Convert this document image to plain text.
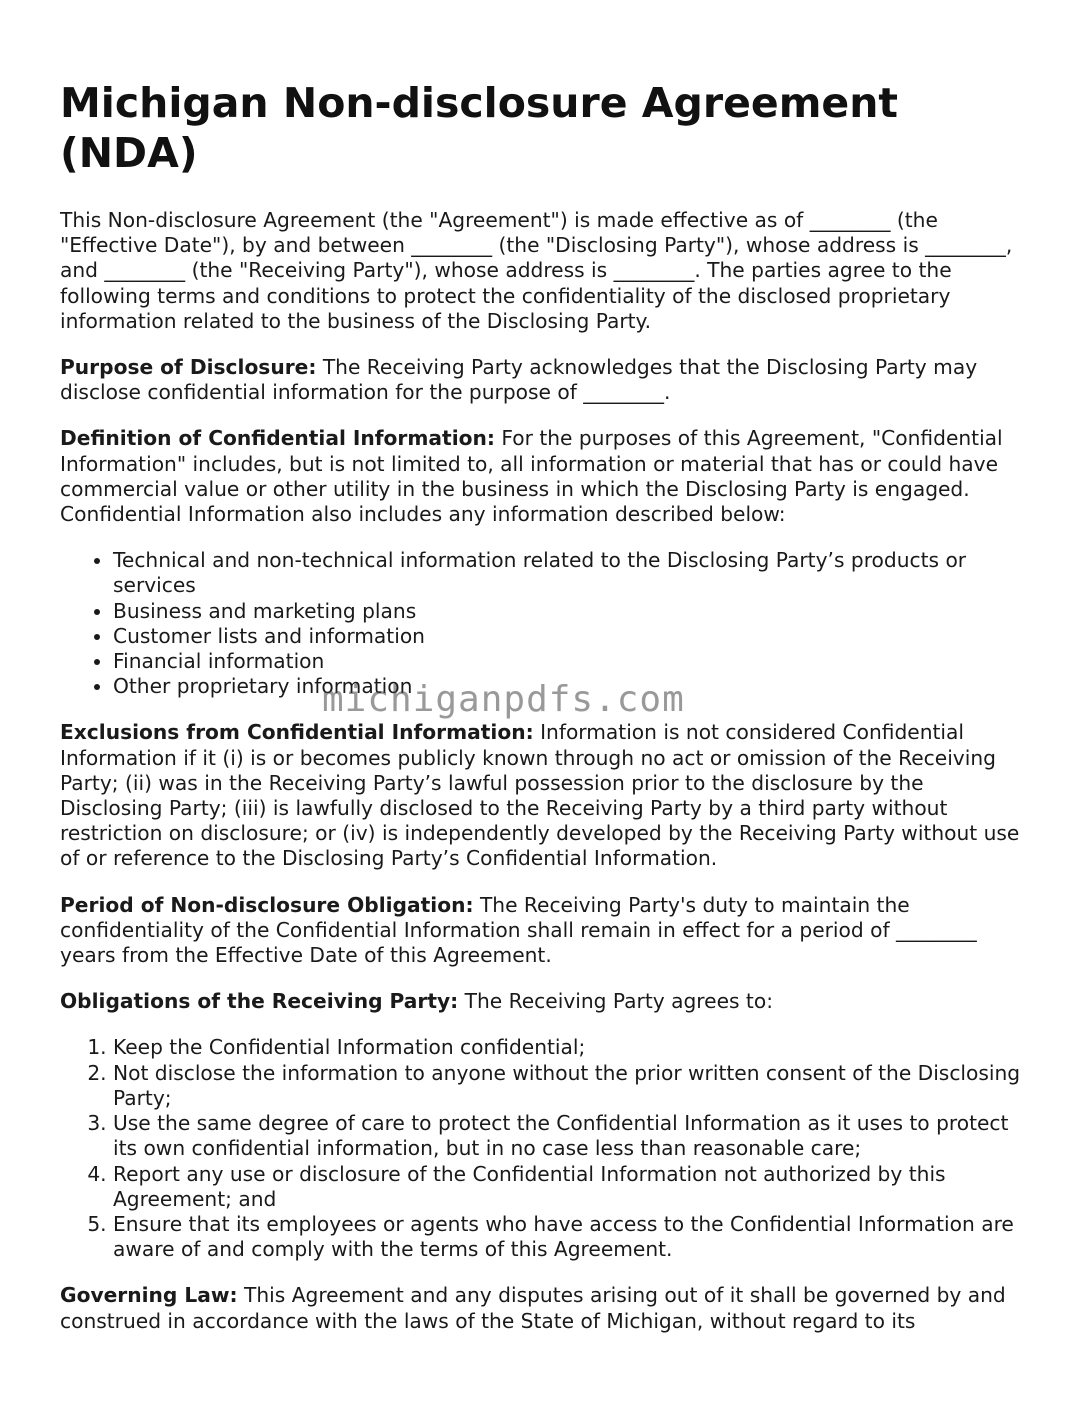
Michigan Non-disclosure Agreement (NDA)

This Non-disclosure Agreement (the "Agreement") is made effective as of ________ (the "Effective Date"), by and between ________ (the "Disclosing Party"), whose address is ________, and ________ (the "Receiving Party"), whose address is ________. The parties agree to the following terms and conditions to protect the confidentiality of the disclosed proprietary information related to the business of the Disclosing Party.

Purpose of Disclosure: The Receiving Party acknowledges that the Disclosing Party may disclose confidential information for the purpose of ________.

Definition of Confidential Information: For the purposes of this Agreement, "Confidential Information" includes, but is not limited to, all information or material that has or could have commercial value or other utility in the business in which the Disclosing Party is engaged. Confidential Information also includes any information described below:

• Technical and non-technical information related to the Disclosing Party’s products or services
• Business and marketing plans
• Customer lists and information
• Financial information
• Other proprietary information

Exclusions from Confidential Information: Information is not considered Confidential Information if it (i) is or becomes publicly known through no act or omission of the Receiving Party; (ii) was in the Receiving Party’s lawful possession prior to the disclosure by the Disclosing Party; (iii) is lawfully disclosed to the Receiving Party by a third party without restriction on disclosure; or (iv) is independently developed by the Receiving Party without use of or reference to the Disclosing Party’s Confidential Information.

Period of Non-disclosure Obligation: The Receiving Party's duty to maintain the confidentiality of the Confidential Information shall remain in effect for a period of ________ years from the Effective Date of this Agreement.

Obligations of the Receiving Party: The Receiving Party agrees to:

1. Keep the Confidential Information confidential;
2. Not disclose the information to anyone without the prior written consent of the Disclosing Party;
3. Use the same degree of care to protect the Confidential Information as it uses to protect its own confidential information, but in no case less than reasonable care;
4. Report any use or disclosure of the Confidential Information not authorized by this Agreement; and
5. Ensure that its employees or agents who have access to the Confidential Information are aware of and comply with the terms of this Agreement.

Governing Law: This Agreement and any disputes arising out of it shall be governed by and construed in accordance with the laws of the State of Michigan, without regard to its

michiganpdfs.com
